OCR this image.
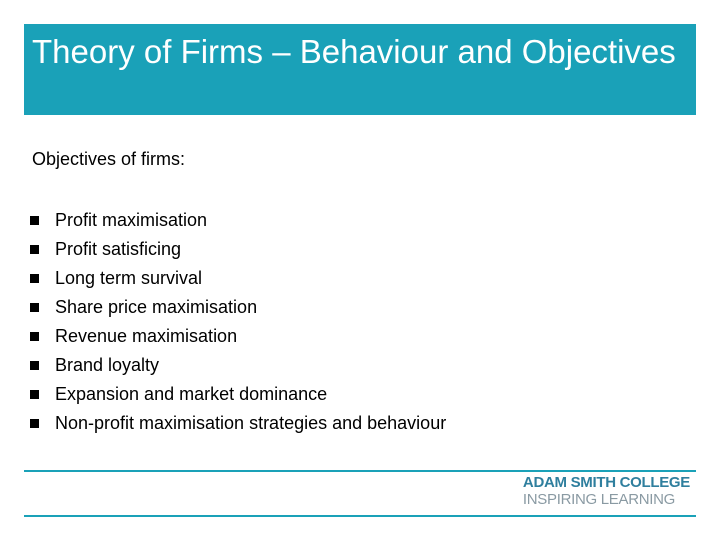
Theory of Firms – Behaviour and Objectives

Objectives of firms:

Profit maximisation
Profit satisficing
Long term survival
Share price maximisation
Revenue maximisation
Brand loyalty
Expansion and market dominance
Non-profit maximisation strategies and behaviour
ADAM SMITH COLLEGE
INSPIRING LEARNING
